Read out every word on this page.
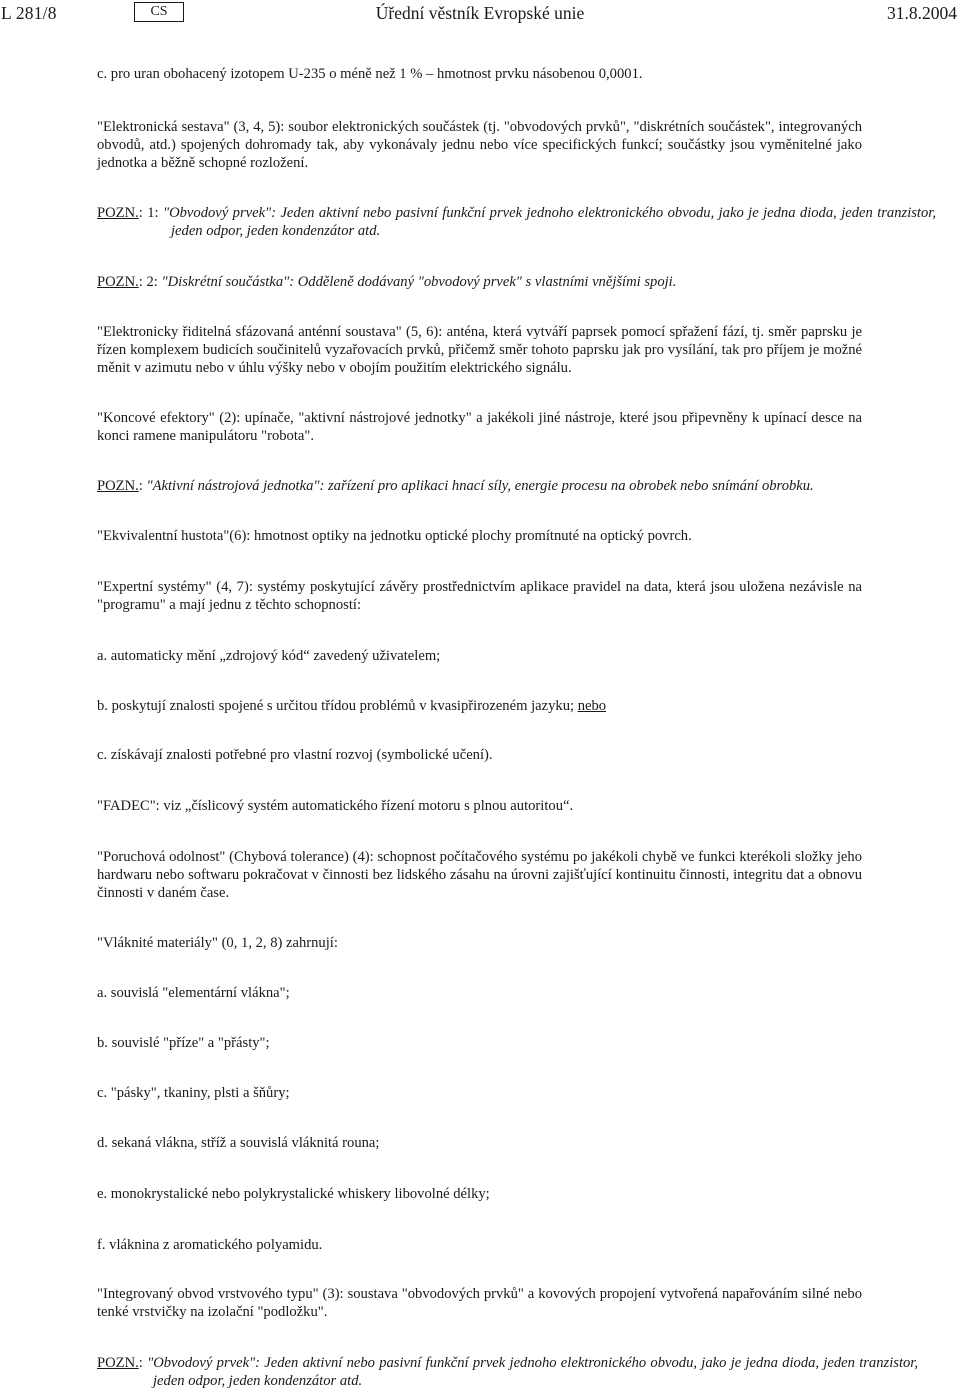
L 281/8	CS	Úřední věstník Evropské unie	31.8.2004

c. pro uran obohacený izotopem U-235 o méně než 1 % – hmotnost prvku násobenou 0,0001.

"Elektronická sestava" (3, 4, 5): soubor elektronických součástek (tj. "obvodových prvků", "diskrétních součástek", integrovaných obvodů, atd.) spojených dohromady tak, aby vykonávaly jednu nebo více specifických funkcí; součástky jsou vyměnitelné jako jednotka a běžně schopné rozložení.

POZN.: 1: "Obvodový prvek": Jeden aktivní nebo pasivní funkční prvek jednoho elektronického obvodu, jako je jedna dioda, jeden tranzistor, jeden odpor, jeden kondenzátor atd.

POZN.: 2: "Diskrétní součástka": Odděleně dodávaný "obvodový prvek" s vlastními vnějšími spoji.

"Elektronicky řiditelná sfázovaná anténní soustava" (5, 6): anténa, která vytváří paprsek pomocí spřažení fází, tj. směr paprsku je řízen komplexem budicích součinitelů vyzařovacích prvků, přičemž směr tohoto paprsku jak pro vysílání, tak pro příjem je možné měnit v azimutu nebo v úhlu výšky nebo v obojím použitím elektrického signálu.

"Koncové efektory" (2): upínače, "aktivní nástrojové jednotky" a jakékoli jiné nástroje, které jsou připevněny k upínací desce na konci ramene manipulátoru "robota".

POZN.: "Aktivní nástrojová jednotka": zařízení pro aplikaci hnací síly, energie procesu na obrobek nebo snímání obrobku.

"Ekvivalentní hustota"(6): hmotnost optiky na jednotku optické plochy promítnuté na optický povrch.

"Expertní systémy" (4, 7): systémy poskytující závěry prostřednictvím aplikace pravidel na data, která jsou uložena nezávisle na "programu" a mají jednu z těchto schopností:

a. automaticky mění „zdrojový kód“ zavedený uživatelem;

b. poskytují znalosti spojené s určitou třídou problémů v kvasipřirozeném jazyku; nebo

c. získávají znalosti potřebné pro vlastní rozvoj (symbolické učení).

"FADEC": viz „číslicový systém automatického řízení motoru s plnou autoritou“.

"Poruchová odolnost" (Chybová tolerance) (4): schopnost počítačového systému po jakékoli chybě ve funkci kterékoli složky jeho hardwaru nebo softwaru pokračovat v činnosti bez lidského zásahu na úrovni zajišťující kontinuitu činnosti, integritu dat a obnovu činnosti v daném čase.

"Vláknité materiály" (0, 1, 2, 8) zahrnují:

a. souvislá "elementární vlákna";

b. souvislé "příze" a "přásty";

c. "pásky", tkaniny, plsti a šňůry;

d. sekaná vlákna, stříž a souvislá vláknitá rouna;

e. monokrystalické nebo polykrystalické whiskery libovolné délky;

f. vláknina z aromatického polyamidu.

"Integrovaný obvod vrstvového typu" (3): soustava "obvodových prvků" a kovových propojení vytvořená napařováním silné nebo tenké vrstvičky na izolační "podložku".

POZN.: "Obvodový prvek": Jeden aktivní nebo pasivní funkční prvek jednoho elektronického obvodu, jako je jedna dioda, jeden tranzistor, jeden odpor, jeden kondenzátor atd.
